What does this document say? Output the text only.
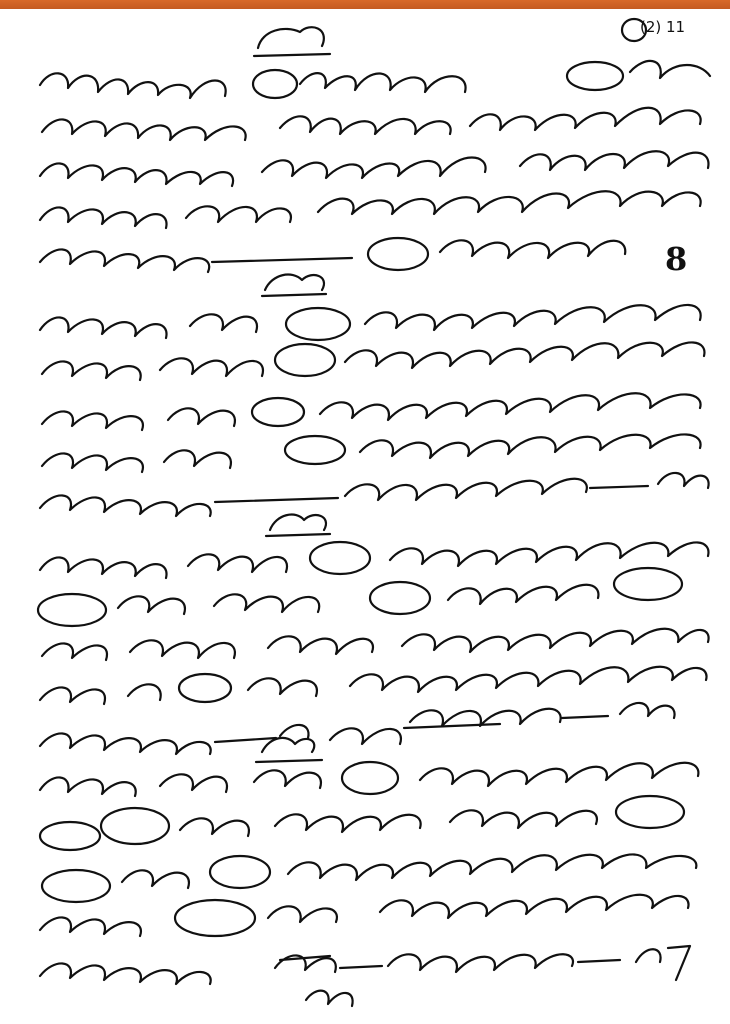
(2) 11
8
